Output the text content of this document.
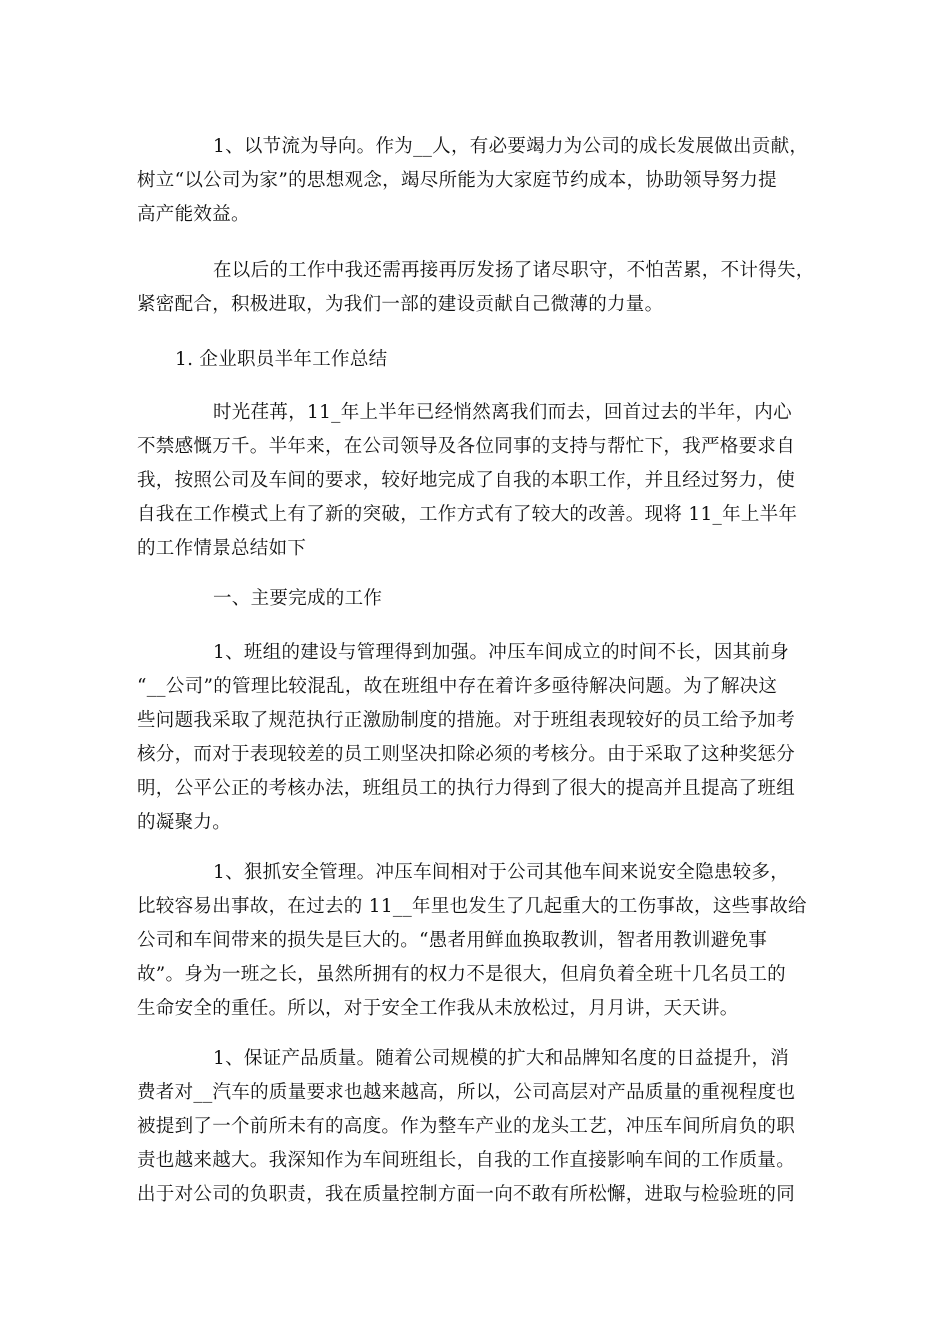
1、以节流为导向。作为__人，有必要竭力为公司的成长发展做出贡献，
树立“以公司为家”的思想观念，竭尽所能为大家庭节约成本，协助领导努力提
高产能效益。
在以后的工作中我还需再接再厉发扬了诸尽职守，不怕苦累，不计得失，
紧密配合，积极进取，为我们一部的建设贡献自己微薄的力量。
1. 企业职员半年工作总结
时光荏苒，11_年上半年已经悄然离我们而去，回首过去的半年，内心
不禁感慨万千。半年来，在公司领导及各位同事的支持与帮忙下，我严格要求自
我，按照公司及车间的要求，较好地完成了自我的本职工作，并且经过努力，使
自我在工作模式上有了新的突破，工作方式有了较大的改善。现将 11_年上半年
的工作情景总结如下
一、主要完成的工作
1、班组的建设与管理得到加强。冲压车间成立的时间不长，因其前身
“__公司”的管理比较混乱，故在班组中存在着许多亟待解决问题。为了解决这
些问题我采取了规范执行正激励制度的措施。对于班组表现较好的员工给予加考
核分，而对于表现较差的员工则坚决扣除必须的考核分。由于采取了这种奖惩分
明，公平公正的考核办法，班组员工的执行力得到了很大的提高并且提高了班组
的凝聚力。
1、狠抓安全管理。冲压车间相对于公司其他车间来说安全隐患较多，
比较容易出事故，在过去的 11__年里也发生了几起重大的工伤事故，这些事故给
公司和车间带来的损失是巨大的。“愚者用鲜血换取教训，智者用教训避免事
故”。身为一班之长，虽然所拥有的权力不是很大，但肩负着全班十几名员工的
生命安全的重任。所以，对于安全工作我从未放松过，月月讲，天天讲。
1、保证产品质量。随着公司规模的扩大和品牌知名度的日益提升，消
费者对__汽车的质量要求也越来越高，所以，公司高层对产品质量的重视程度也
被提到了一个前所未有的高度。作为整车产业的龙头工艺，冲压车间所肩负的职
责也越来越大。我深知作为车间班组长，自我的工作直接影响车间的工作质量。
出于对公司的负职责，我在质量控制方面一向不敢有所松懈，进取与检验班的同
